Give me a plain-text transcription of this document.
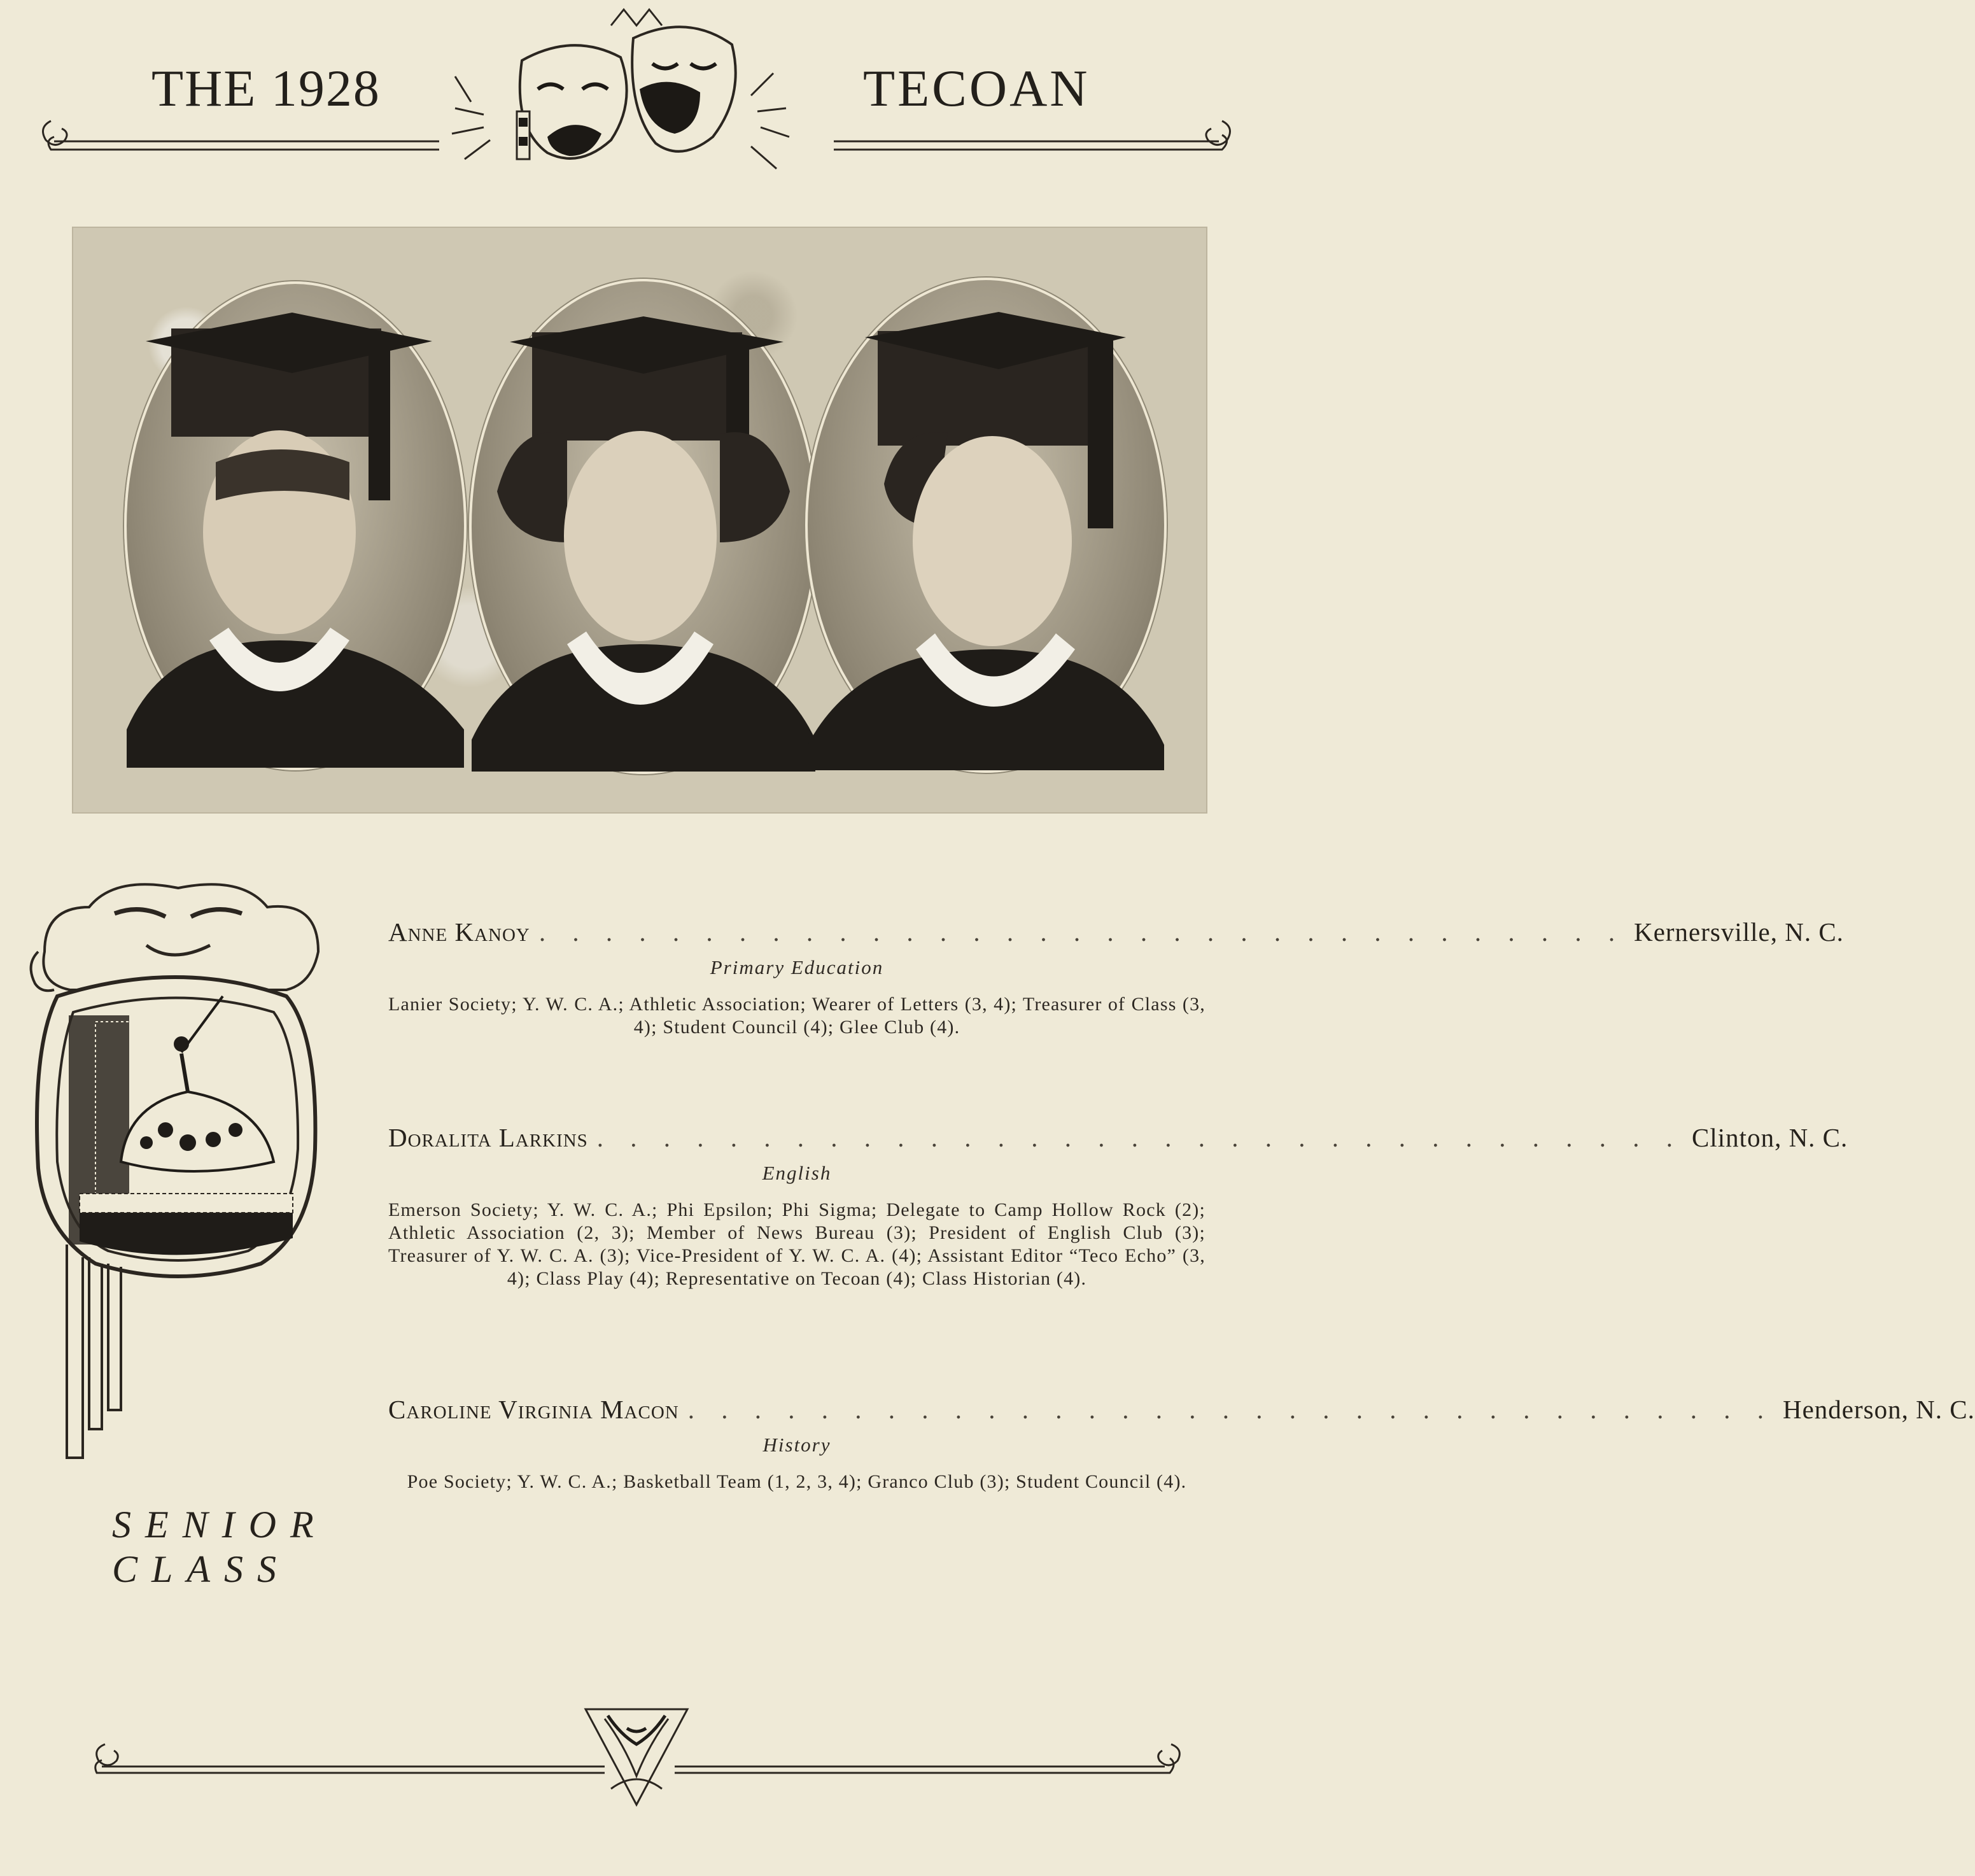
THE 1928	TECOAN
SENIOR
CLASS
Anne Kanoy . . . . . . . . . . . . . . . . . . . . . . . . . . . . . . . . . Kernersville, N. C.
Primary Education
Lanier Society; Y. W. C. A.; Athletic Association; Wearer of Letters (3, 4); Treasurer of Class (3, 4); Student Council (4); Glee Club (4).
Doralita Larkins . . . . . . . . . . . . . . . . . . . . . . . . . . . . . . . . . Clinton, N. C.
English
Emerson Society; Y. W. C. A.; Phi Epsilon; Phi Sigma; Delegate to Camp Hollow Rock (2); Athletic Association (2, 3); Member of News Bureau (3); President of English Club (3); Treasurer of Y. W. C. A. (3); Vice-President of Y. W. C. A. (4); Assistant Editor “Teco Echo” (3, 4); Class Play (4); Representative on Tecoan (4); Class Historian (4).
Caroline Virginia Macon . . . . . . . . . . . . . . . . . . . . . . . . . . . . . . . . . Henderson, N. C.
History
Poe Society; Y. W. C. A.; Basketball Team (1, 2, 3, 4); Granco Club (3); Student Council (4).
